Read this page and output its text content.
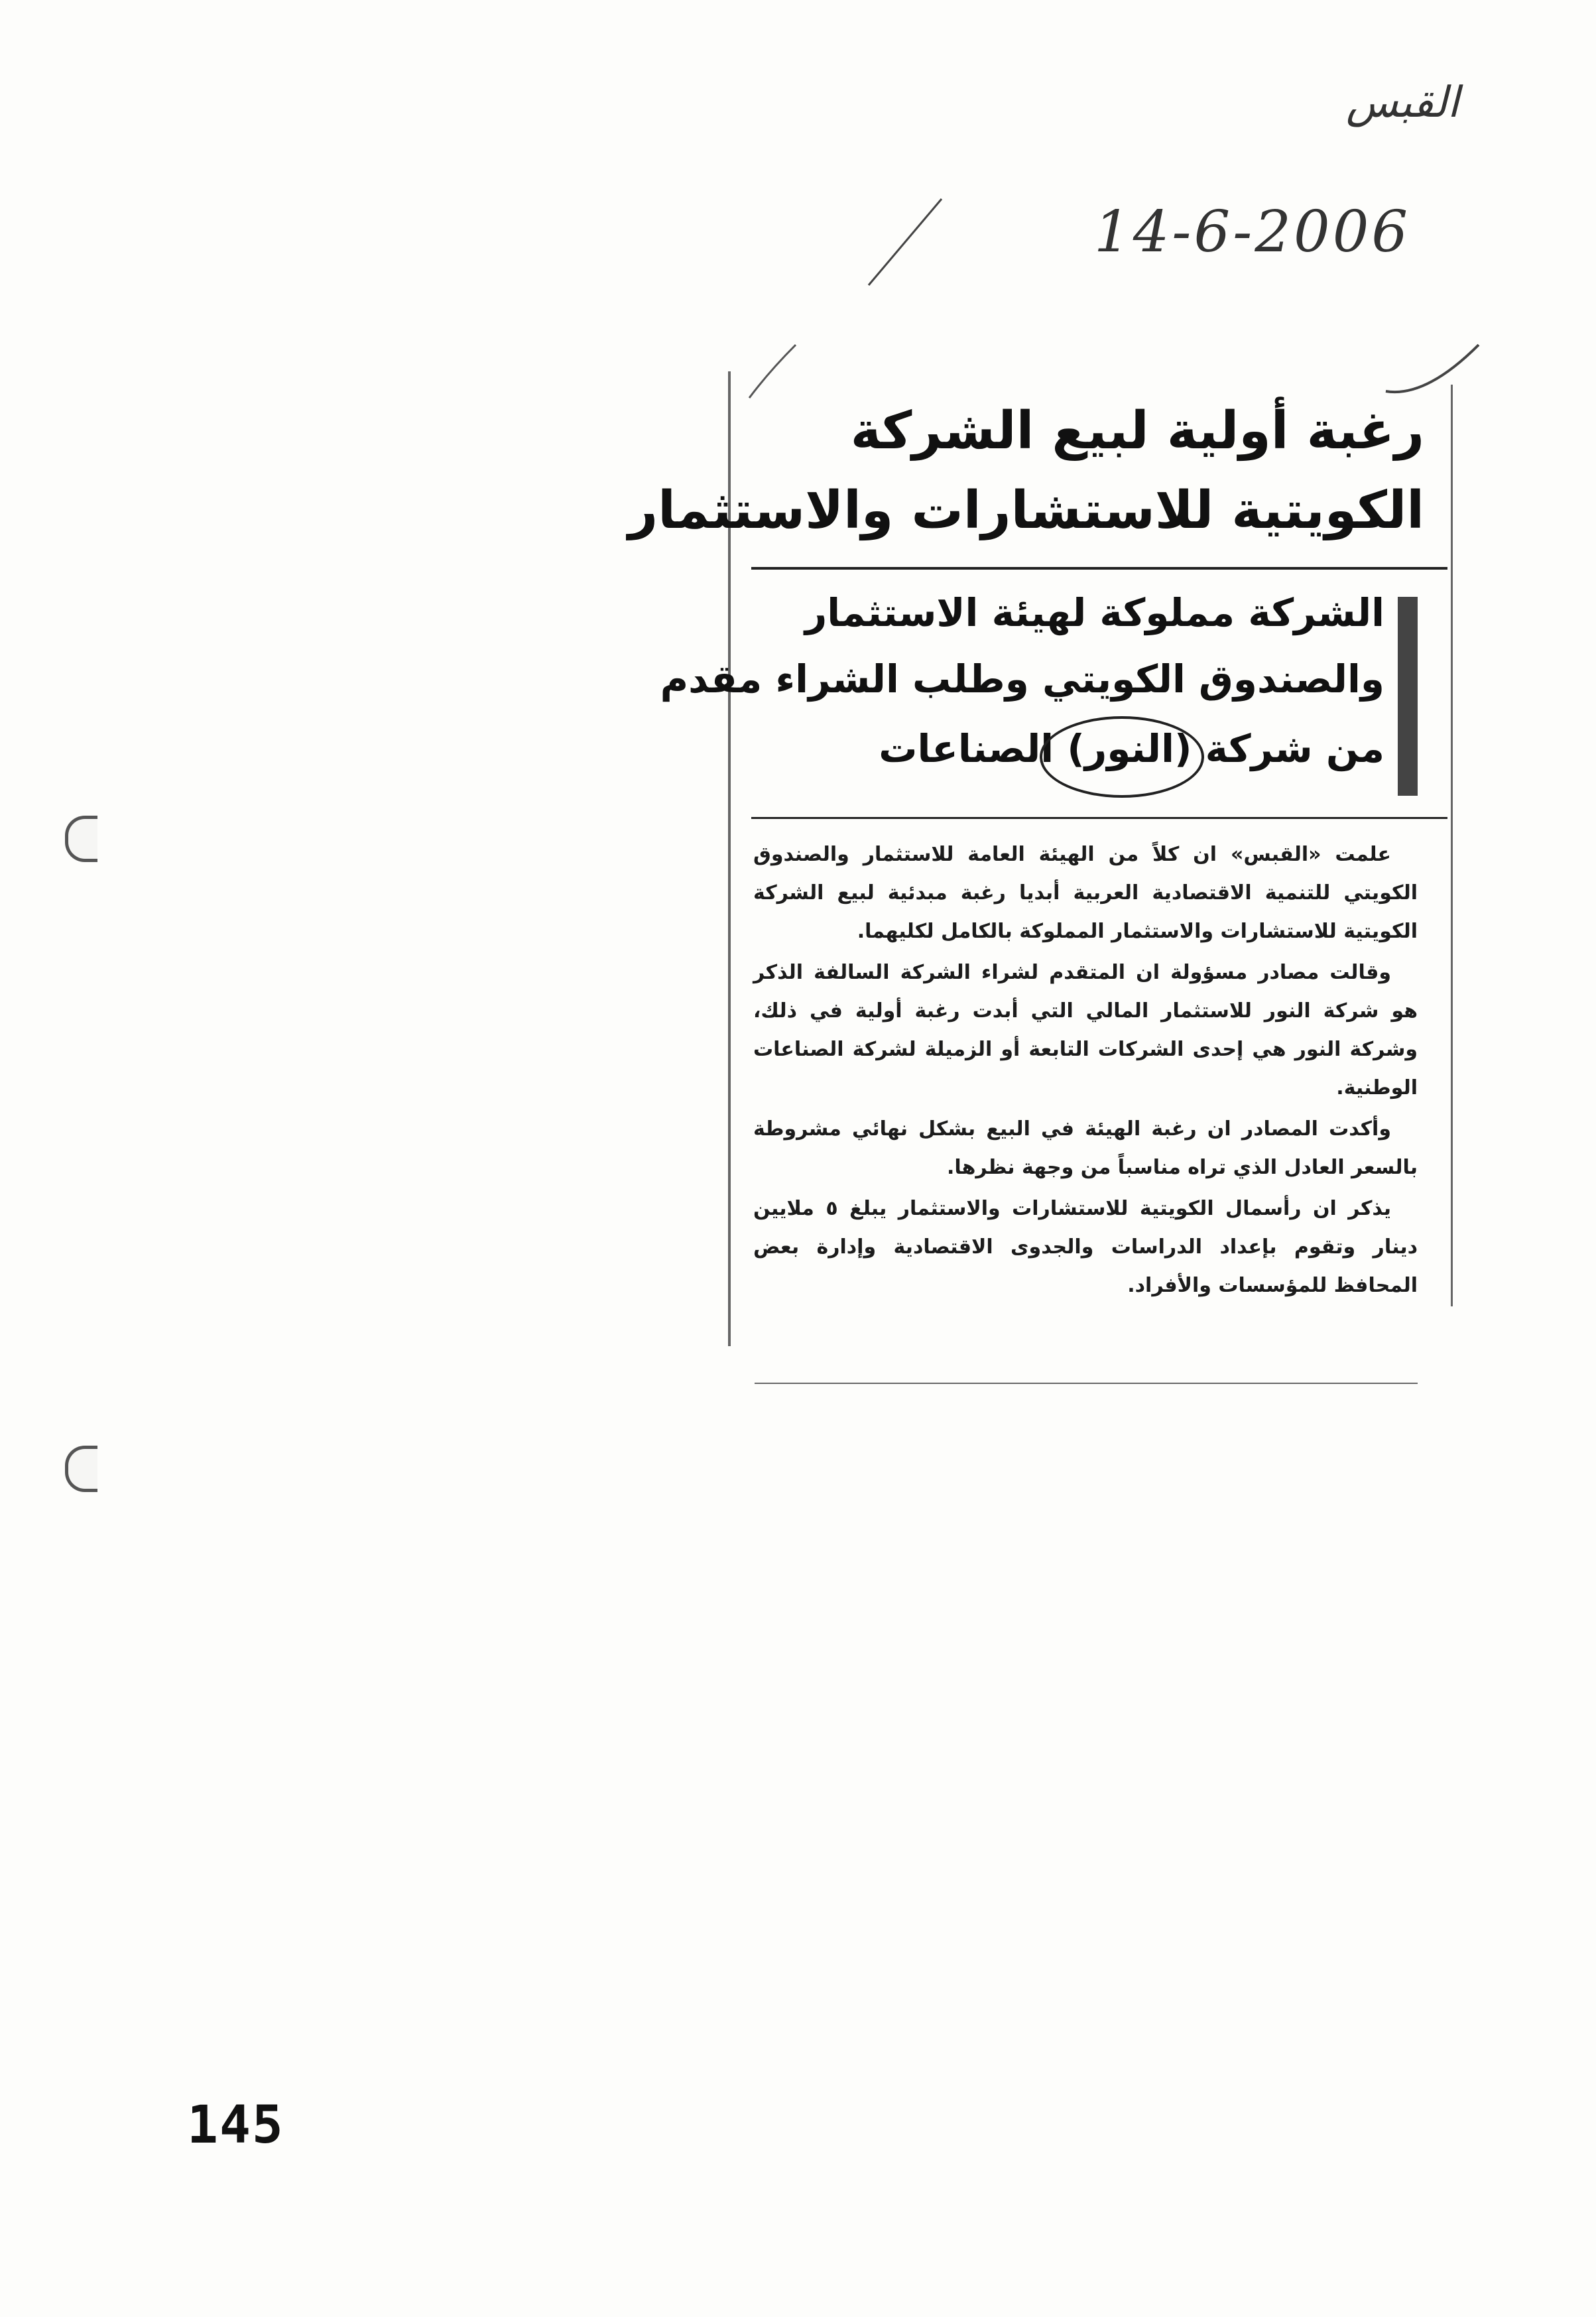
القبس
14-6-2006
رغبة أولية لبيع الشركة
الكويتية للاستشارات والاستثمار
الشركة مملوكة لهيئة الاستثمار
والصندوق الكويتي وطلب الشراء مقدم
من شركة (النور) الصناعات

علمت «القبس» ان كلاً من الهيئة العامة للاستثمار والصندوق الكويتي للتنمية الاقتصادية العربية أبديا رغبة مبدئية لبيع الشركة الكويتية للاستشارات والاستثمار المملوكة بالكامل لكليهما.

وقالت مصادر مسؤولة ان المتقدم لشراء الشركة السالفة الذكر هو شركة النور للاستثمار المالي التي أبدت رغبة أولية في ذلك، وشركة النور هي إحدى الشركات التابعة أو الزميلة لشركة الصناعات الوطنية.

وأكدت المصادر ان رغبة الهيئة في البيع بشكل نهائي مشروطة بالسعر العادل الذي تراه مناسباً من وجهة نظرها.

يذكر ان رأسمال الكويتية للاستشارات والاستثمار يبلغ ٥ ملايين دينار وتقوم بإعداد الدراسات والجدوى الاقتصادية وإدارة بعض المحافظ للمؤسسات والأفراد.

145
